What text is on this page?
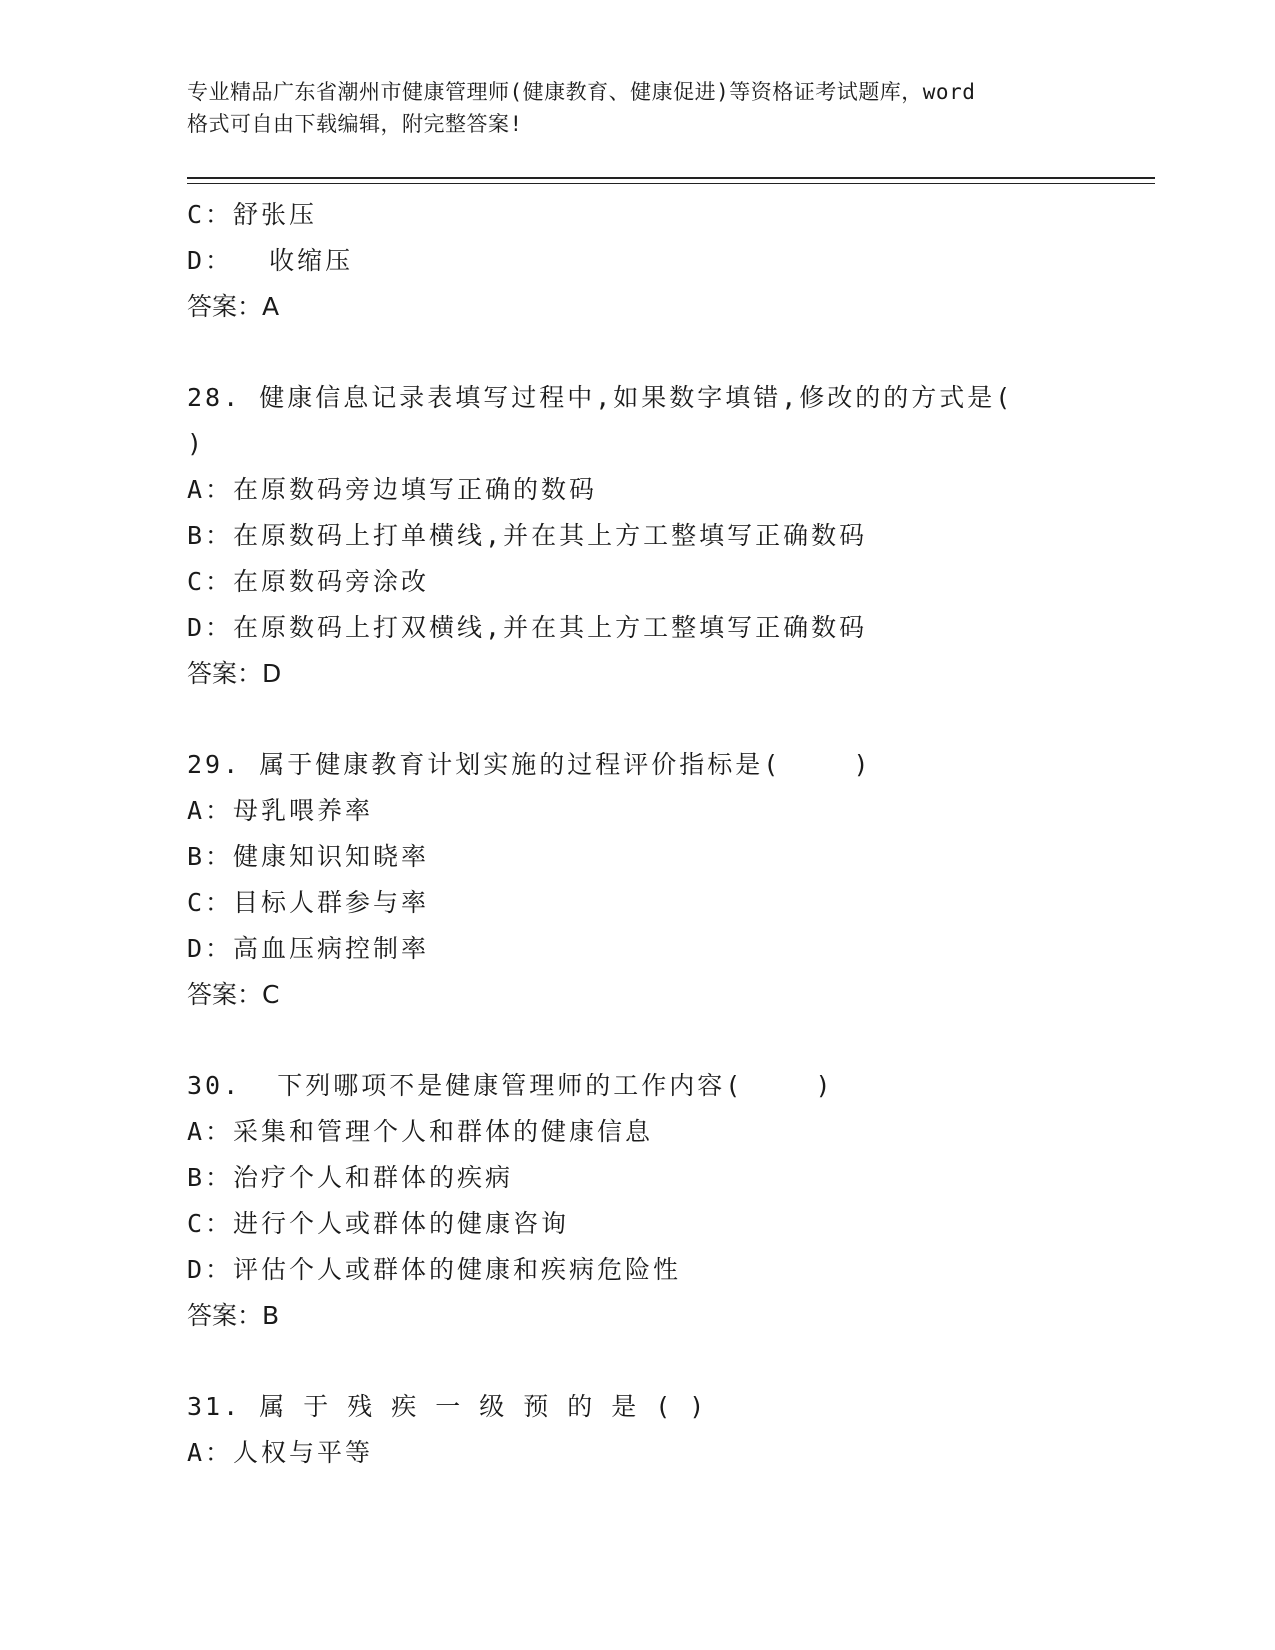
专业精品广东省潮州市健康管理师(健康教育、健康促进)等资格证考试题库，word
格式可自由下载编辑，附完整答案!
C：舒张压
D：  收缩压
答案：A
28. 健康信息记录表填写过程中,如果数字填错,修改的的方式是(
)
A：在原数码旁边填写正确的数码
B：在原数码上打单横线,并在其上方工整填写正确数码
C：在原数码旁涂改
D：在原数码上打双横线,并在其上方工整填写正确数码
答案：D
29. 属于健康教育计划实施的过程评价指标是(    )
A：母乳喂养率
B：健康知识知晓率
C：目标人群参与率
D：高血压病控制率
答案：C
30.  下列哪项不是健康管理师的工作内容(    )
A：采集和管理个人和群体的健康信息
B：治疗个人和群体的疾病
C：进行个人或群体的健康咨询
D：评估个人或群体的健康和疾病危险性
答案：B
31. 属于残疾一级预的是()
A：人权与平等
